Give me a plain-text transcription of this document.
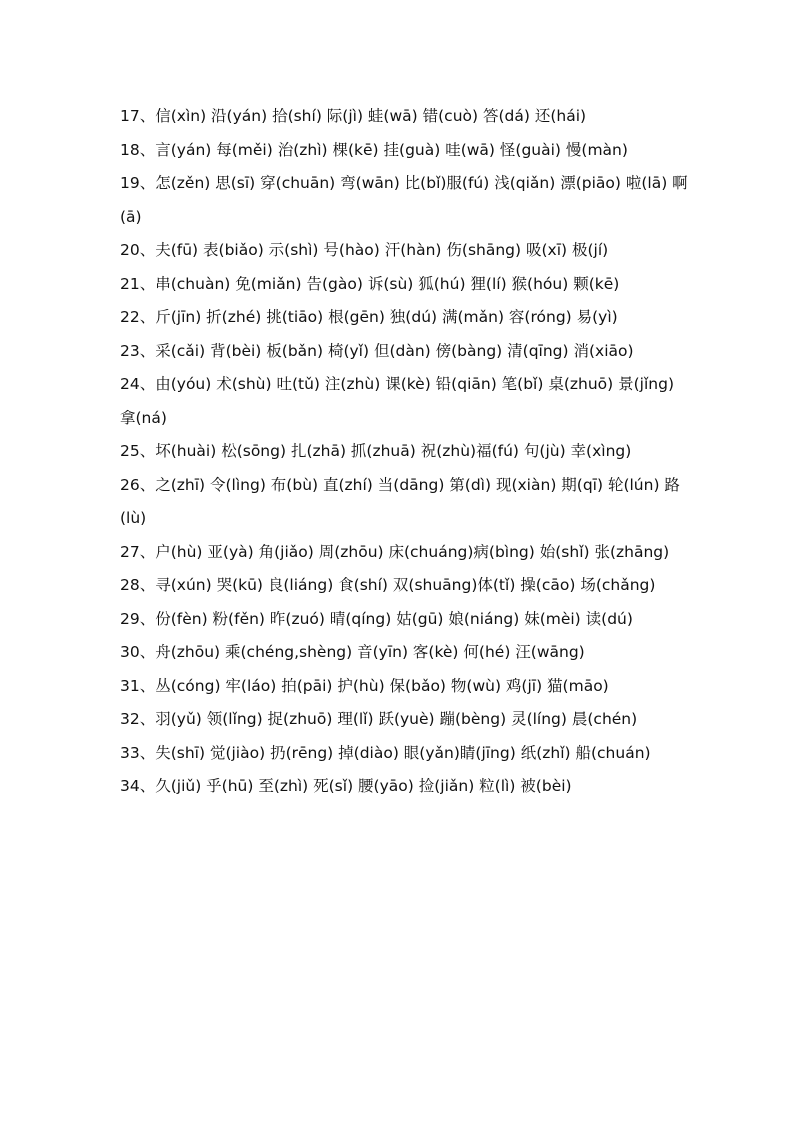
17、信(xìn) 沿(yán) 拾(shí) 际(jì) 蛙(wā) 错(cuò) 答(dá) 还(hái)

18、言(yán) 每(měi) 治(zhì) 棵(kē) 挂(guà) 哇(wā) 怪(guài) 慢(màn)

19、怎(zěn) 思(sī) 穿(chuān) 弯(wān) 比(bǐ)服(fú) 浅(qiǎn) 漂(piāo) 啦(lā) 啊(ā)

20、夫(fū) 表(biǎo) 示(shì) 号(hào) 汗(hàn) 伤(shāng) 吸(xī) 极(jí)

21、串(chuàn) 免(miǎn) 告(gào) 诉(sù) 狐(hú) 狸(lí) 猴(hóu) 颗(kē)

22、斤(jīn) 折(zhé) 挑(tiāo) 根(gēn) 独(dú) 满(mǎn) 容(róng) 易(yì)

23、采(cǎi) 背(bèi) 板(bǎn) 椅(yǐ) 但(dàn) 傍(bàng) 清(qīng) 消(xiāo)

24、由(yóu) 术(shù) 吐(tǔ) 注(zhù) 课(kè) 铅(qiān) 笔(bǐ) 桌(zhuō) 景(jǐng) 拿(ná)

25、坏(huài) 松(sōng) 扎(zhā) 抓(zhuā) 祝(zhù)福(fú) 句(jù) 幸(xìng)

26、之(zhī) 令(lìng) 布(bù) 直(zhí) 当(dāng) 第(dì) 现(xiàn) 期(qī) 轮(lún) 路(lù)

27、户(hù) 亚(yà) 角(jiǎo) 周(zhōu) 床(chuáng)病(bìng) 始(shǐ) 张(zhāng)

28、寻(xún) 哭(kū) 良(liáng) 食(shí) 双(shuāng)体(tǐ) 操(cāo) 场(chǎng)

29、份(fèn) 粉(fěn) 昨(zuó) 晴(qíng) 姑(gū) 娘(niáng) 妹(mèi) 读(dú)

30、舟(zhōu) 乘(chéng,shèng) 音(yīn) 客(kè) 何(hé) 汪(wāng)

31、丛(cóng) 牢(láo) 拍(pāi) 护(hù) 保(bǎo) 物(wù) 鸡(jī) 猫(māo)

32、羽(yǔ) 领(lǐng) 捉(zhuō) 理(lǐ) 跃(yuè) 蹦(bèng) 灵(líng) 晨(chén)

33、失(shī) 觉(jiào) 扔(rēng) 掉(diào) 眼(yǎn)睛(jīng) 纸(zhǐ) 船(chuán)

34、久(jiǔ) 乎(hū) 至(zhì) 死(sǐ) 腰(yāo) 捡(jiǎn) 粒(lì) 被(bèi)
